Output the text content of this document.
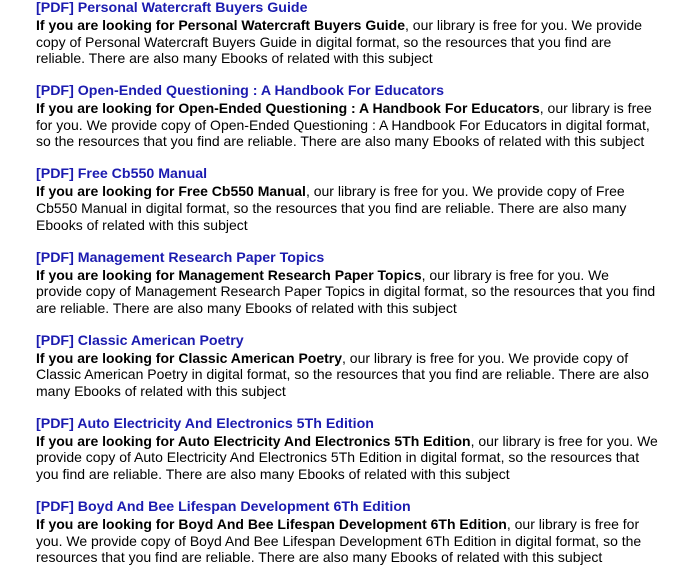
[PDF] Personal Watercraft Buyers Guide

If you are looking for Personal Watercraft Buyers Guide, our library is free for you. We provide copy of Personal Watercraft Buyers Guide in digital format, so the resources that you find are reliable. There are also many Ebooks of related with this subject

[PDF] Open-Ended Questioning : A Handbook For Educators

If you are looking for Open-Ended Questioning : A Handbook For Educators, our library is free for you. We provide copy of Open-Ended Questioning : A Handbook For Educators in digital format, so the resources that you find are reliable. There are also many Ebooks of related with this subject

[PDF] Free Cb550 Manual

If you are looking for Free Cb550 Manual, our library is free for you. We provide copy of Free Cb550 Manual in digital format, so the resources that you find are reliable. There are also many Ebooks of related with this subject

[PDF] Management Research Paper Topics

If you are looking for Management Research Paper Topics, our library is free for you. We provide copy of Management Research Paper Topics in digital format, so the resources that you find are reliable. There are also many Ebooks of related with this subject

[PDF] Classic American Poetry

If you are looking for Classic American Poetry, our library is free for you. We provide copy of Classic American Poetry in digital format, so the resources that you find are reliable. There are also many Ebooks of related with this subject

[PDF] Auto Electricity And Electronics 5Th Edition

If you are looking for Auto Electricity And Electronics 5Th Edition, our library is free for you. We provide copy of Auto Electricity And Electronics 5Th Edition in digital format, so the resources that you find are reliable. There are also many Ebooks of related with this subject

[PDF] Boyd And Bee Lifespan Development 6Th Edition

If you are looking for Boyd And Bee Lifespan Development 6Th Edition, our library is free for you. We provide copy of Boyd And Bee Lifespan Development 6Th Edition in digital format, so the resources that you find are reliable. There are also many Ebooks of related with this subject
